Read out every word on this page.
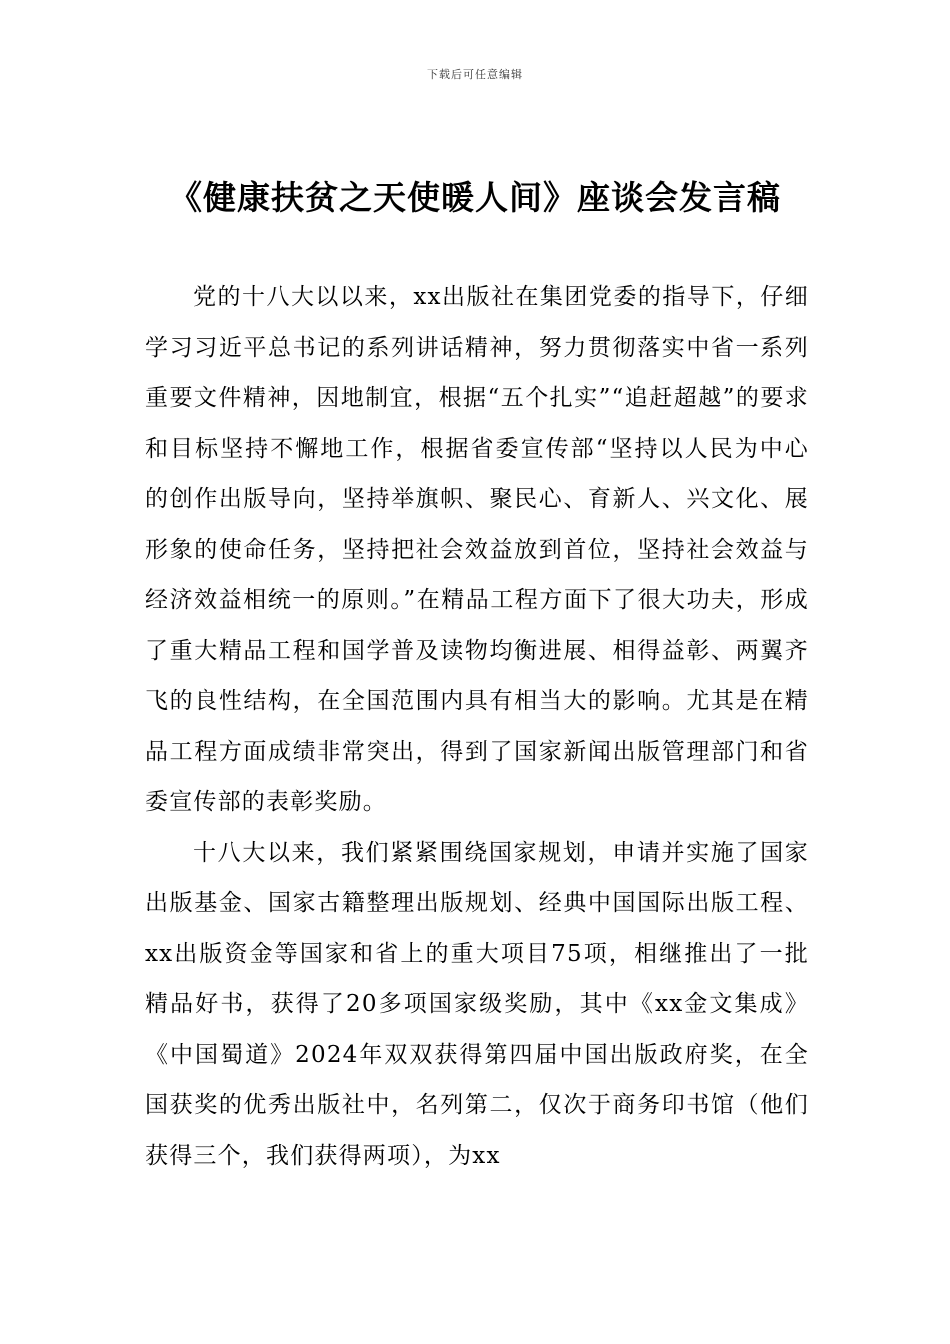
下载后可任意编辑
《健康扶贫之天使暖人间》座谈会发言稿

党的十八大以以来，xx出版社在集团党委的指导下，仔细学习习近平总书记的系列讲话精神，努力贯彻落实中省一系列重要文件精神，因地制宜，根据“五个扎实”“追赶超越”的要求和目标坚持不懈地工作，根据省委宣传部“坚持以人民为中心的创作出版导向，坚持举旗帜、聚民心、育新人、兴文化、展形象的使命任务，坚持把社会效益放到首位，坚持社会效益与经济效益相统一的原则。”在精品工程方面下了很大功夫，形成了重大精品工程和国学普及读物均衡进展、相得益彰、两翼齐飞的良性结构，在全国范围内具有相当大的影响。尤其是在精品工程方面成绩非常突出，得到了国家新闻出版管理部门和省委宣传部的表彰奖励。

十八大以来，我们紧紧围绕国家规划，申请并实施了国家出版基金、国家古籍整理出版规划、经典中国国际出版工程、xx出版资金等国家和省上的重大项目75项，相继推出了一批精品好书，获得了20多项国家级奖励，其中《xx金文集成》《中国蜀道》2024年双双获得第四届中国出版政府奖，在全国获奖的优秀出版社中，名列第二，仅次于商务印书馆（他们获得三个，我们获得两项），为xx
